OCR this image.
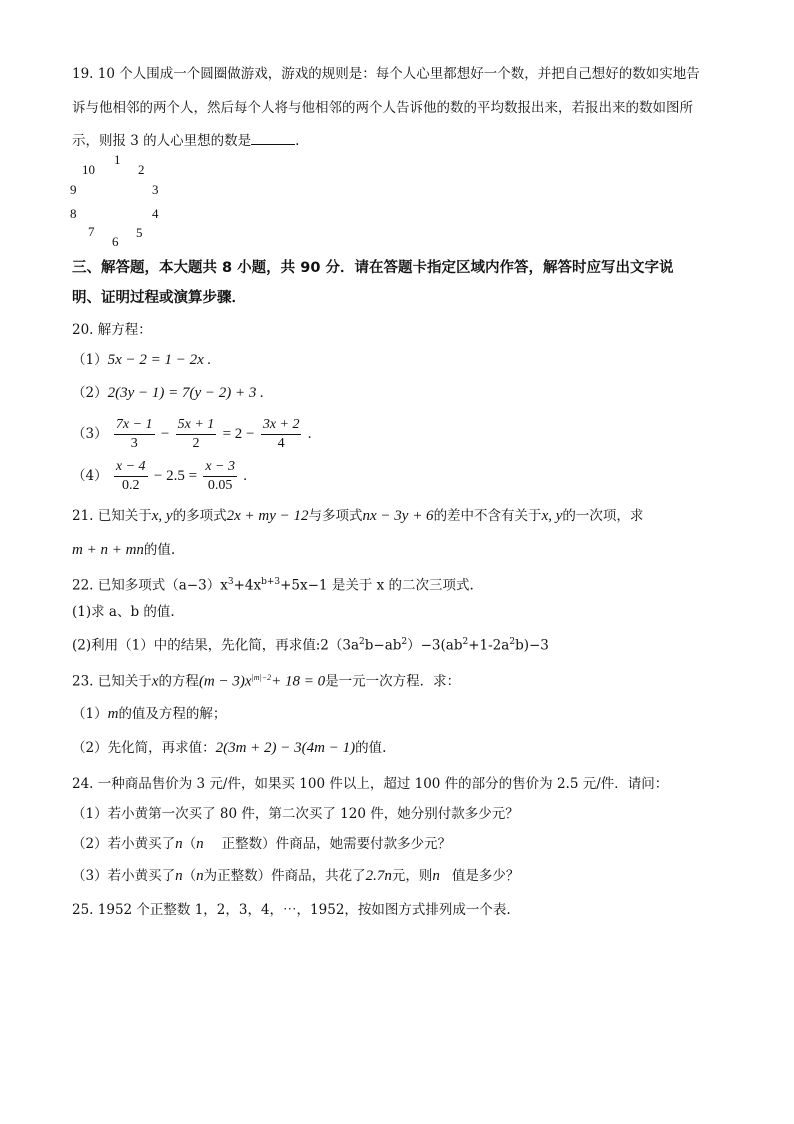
19. 10 个人围成一个圆圈做游戏，游戏的规则是：每个人心里都想好一个数，并把自己想好的数如实地告
诉与他相邻的两个人，然后每个人将与他相邻的两个人告诉他的数的平均数报出来，若报出来的数如图所
示，则报 3 的人心里想的数是	.
10
1
2
9	3
8	4
7
6
5
三、解答题，本大题共 8 小题，共 90 分．请在答题卡指定区域内作答，解答时应写出文字说
明、证明过程或演算步骤．
20. 解方程：
（1）5x − 2 = 1 − 2x .
（2）2(3y − 1) = 7(y − 2) + 3 .
$(3) \frac{7x - 1}{3} - \frac{5x + 1}{2} = 2 - \frac{3x + 2}{4}$ .
$(4) \frac{x - 4}{0.2} - 2.5 = \frac{x - 3}{0.05}$ .
21. 已知关于x, y的多项式2x + my − 12与多项式nx − 3y + 6的差中不含有关于x, y的一次项，求
m + n + mn的值.
22. 已知多项式$(a-3)x^3+4x^{b+3}+5x-1$ 是关于 x 的二次三项式.
(1)求 a、b 的值.
(2)利用（1）中的结果，先化简，再求值$:2(3a^2b-ab^2)-3(ab^2+1-2a^2b)-3$
23. 已知关于x的方程$(m - 3)x^{|m|-2}+ 18 = 0$是一元一次方程．求：
（1）m的值及方程的解；
（2）先化简，再求值：2(3m + 2) − 3(4m − 1)的值.
24. 一种商品售价为 3 元/件，如果买 100 件以上，超过 100 件的部分的售价为 2.5 元/件．请问：
（1）若小黄第一次买了 80 件，第二次买了 120 件，她分别付款多少元？
（2）若小黄买了n（n 正整数）件商品，她需要付款多少元？
（3）若小黄买了n（n为正整数）件商品，共花了2.7n元，则n 值是多少？
25. 1952 个正整数 1，2，3，4，⋯，1952，按如图方式排列成一个表.
